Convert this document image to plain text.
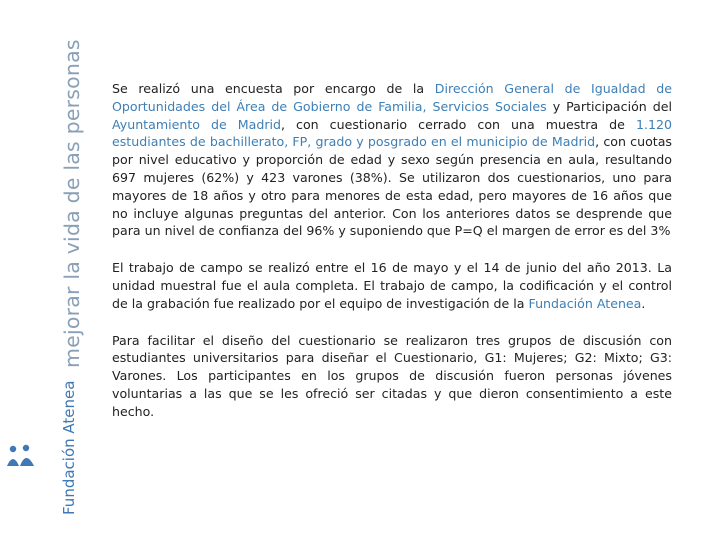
mejorar la vida de las personas
Fundación Atenea

Se realizó una encuesta por encargo de la Dirección General de Igualdad de Oportunidades del Área de Gobierno de Familia, Servicios Sociales y Participación del Ayuntamiento de Madrid, con cuestionario cerrado con una muestra de 1.120 estudiantes de bachillerato, FP, grado y posgrado en el municipio de Madrid, con cuotas por nivel educativo y proporción de edad y sexo según presencia en aula, resultando 697 mujeres (62%) y 423 varones (38%). Se utilizaron dos cuestionarios, uno para mayores de 18 años y otro para menores de esta edad, pero mayores de 16 años que no incluye algunas preguntas del anterior. Con los anteriores datos se desprende que para un nivel de confianza del 96% y suponiendo que P=Q el margen de error es del 3%

El trabajo de campo se realizó entre el 16 de mayo y el 14 de junio del año 2013. La unidad muestral fue el aula completa. El trabajo de campo, la codificación y el control de la grabación fue realizado por el equipo de investigación de la Fundación Atenea.

Para facilitar el diseño del cuestionario se realizaron tres grupos de discusión con estudiantes universitarios para diseñar el Cuestionario, G1: Mujeres; G2: Mixto; G3: Varones. Los participantes en los grupos de discusión fueron personas jóvenes voluntarias a las que se les ofreció ser citadas y que dieron consentimiento a este hecho.
